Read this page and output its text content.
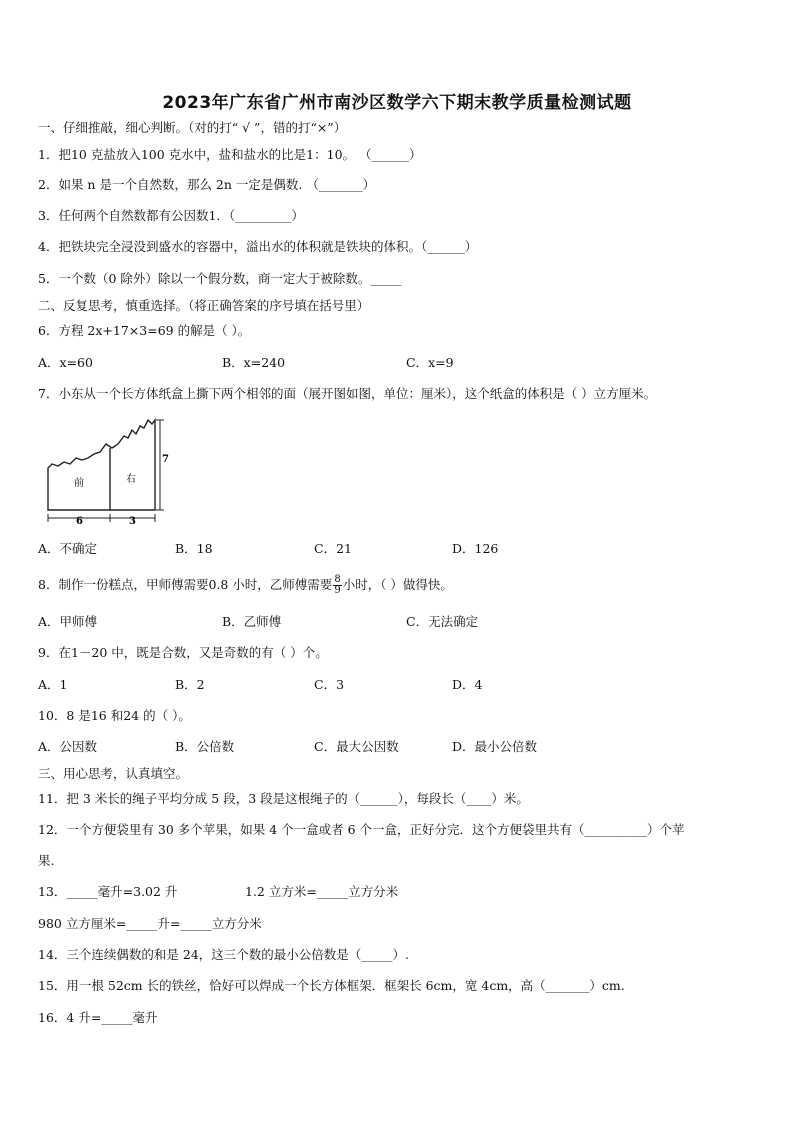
2023年广东省广州市南沙区数学六下期末教学质量检测试题
一、仔细推敲，细心判断。（对的打“ √ ”，错的打“×”）
1．把10 克盐放入100 克水中，盐和盐水的比是1：10。 （______）
2．如果 n 是一个自然数，那么 2n 一定是偶数. （_______）
3．任何两个自然数都有公因数1．（_________）
4．把铁块完全浸没到盛水的容器中，溢出水的体积就是铁块的体积。（______）
5．一个数（0 除外）除以一个假分数，商一定大于被除数。_____
二、反复思考，慎重选择。（将正确答案的序号填在括号里）
6．方程 2x+17×3=69 的解是（ ）。
A．x=60	B．x=240	C．x=9
7．小东从一个长方体纸盒上撕下两个相邻的面（展开图如图，单位：厘米），这个纸盒的体积是（ ）立方厘米。
前	右
6	3
7
A．不确定	B．18	C．21	D．126
8．制作一份糕点，甲师傅需要0.8 小时，乙师傅需要 $\frac{8}{9}$ 小时，（ ）做得快。
A．甲师傅	B．乙师傅	C．无法确定
9．在1－20 中，既是合数，又是奇数的有（ ）个。
A．1	B．2	C．3	D．4
10．8 是16 和24 的（ ）。
A．公因数	B．公倍数	C．最大公因数	D．最小公倍数
三、用心思考，认真填空。
11．把 3 米长的绳子平均分成 5 段，3 段是这根绳子的（______），每段长（____）米。
12．一个方便袋里有 30 多个苹果，如果 4 个一盒或者 6 个一盒，正好分完．这个方便袋里共有（__________）个苹
果.
13．_____毫升=3.02 升	1.2 立方米=_____立方分米
980 立方厘米=_____升=_____立方分米
14．三个连续偶数的和是 24，这三个数的最小公倍数是（_____）.
15．用一根 52cm 长的铁丝，恰好可以焊成一个长方体框架．框架长 6cm，宽 4cm，高（_______）cm.
16．4 升=_____毫升
